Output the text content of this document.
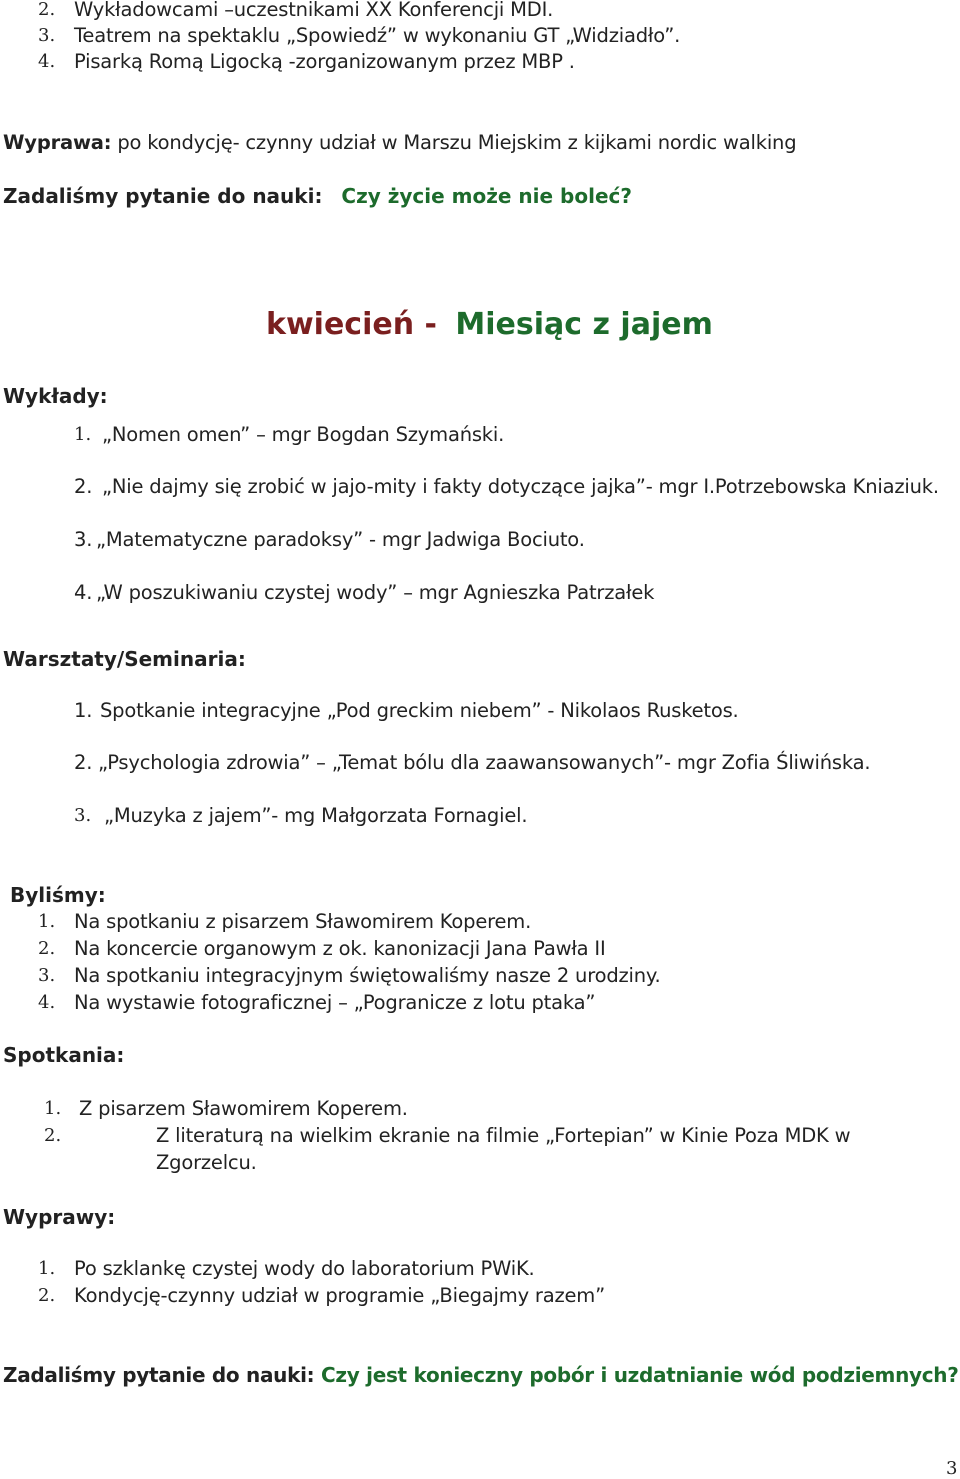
2. Wykładowcami –uczestnikami XX Konferencji MDI.
3. Teatrem na spektaklu „Spowiedź” w wykonaniu GT „Widziadło”.
4. Pisarką Romą Ligocką -zorganizowanym przez MBP .
Wyprawa: po kondycję- czynny udział w Marszu Miejskim z kijkami nordic walking
Zadaliśmy pytanie do nauki: Czy życie może nie boleć?
kwiecień - Miesiąc z jajem
Wykłady:
1. „Nomen omen” – mgr Bogdan Szymański.
2. „Nie dajmy się zrobić w jajo-mity i fakty dotyczące jajka”- mgr I.Potrzebowska Kniaziuk.
3. „Matematyczne paradoksy” - mgr Jadwiga Bociuto.
4. „W poszukiwaniu czystej wody” – mgr Agnieszka Patrzałek
Warsztaty/Seminaria:
1. Spotkanie integracyjne „Pod greckim niebem” - Nikolaos Rusketos.
2. „Psychologia zdrowia” – „Temat bólu dla zaawansowanych”- mgr Zofia Śliwińska.
3. „Muzyka z jajem”- mg Małgorzata Fornagiel.
Byliśmy:
1. Na spotkaniu z pisarzem Sławomirem Koperem.
2. Na koncercie organowym z ok. kanonizacji Jana Pawła II
3. Na spotkaniu integracyjnym świętowaliśmy nasze 2 urodziny.
4. Na wystawie fotograficznej – „Pogranicze z lotu ptaka”
Spotkania:
1. Z pisarzem Sławomirem Koperem.
2.	Z literaturą na wielkim ekranie na filmie „Fortepian” w Kinie Poza MDK w
Zgorzelcu.
Wyprawy:
1. Po szklankę czystej wody do laboratorium PWiK.
2. Kondycję-czynny udział w programie „Biegajmy razem”
Zadaliśmy pytanie do nauki: Czy jest konieczny pobór i uzdatnianie wód podziemnych?
3
